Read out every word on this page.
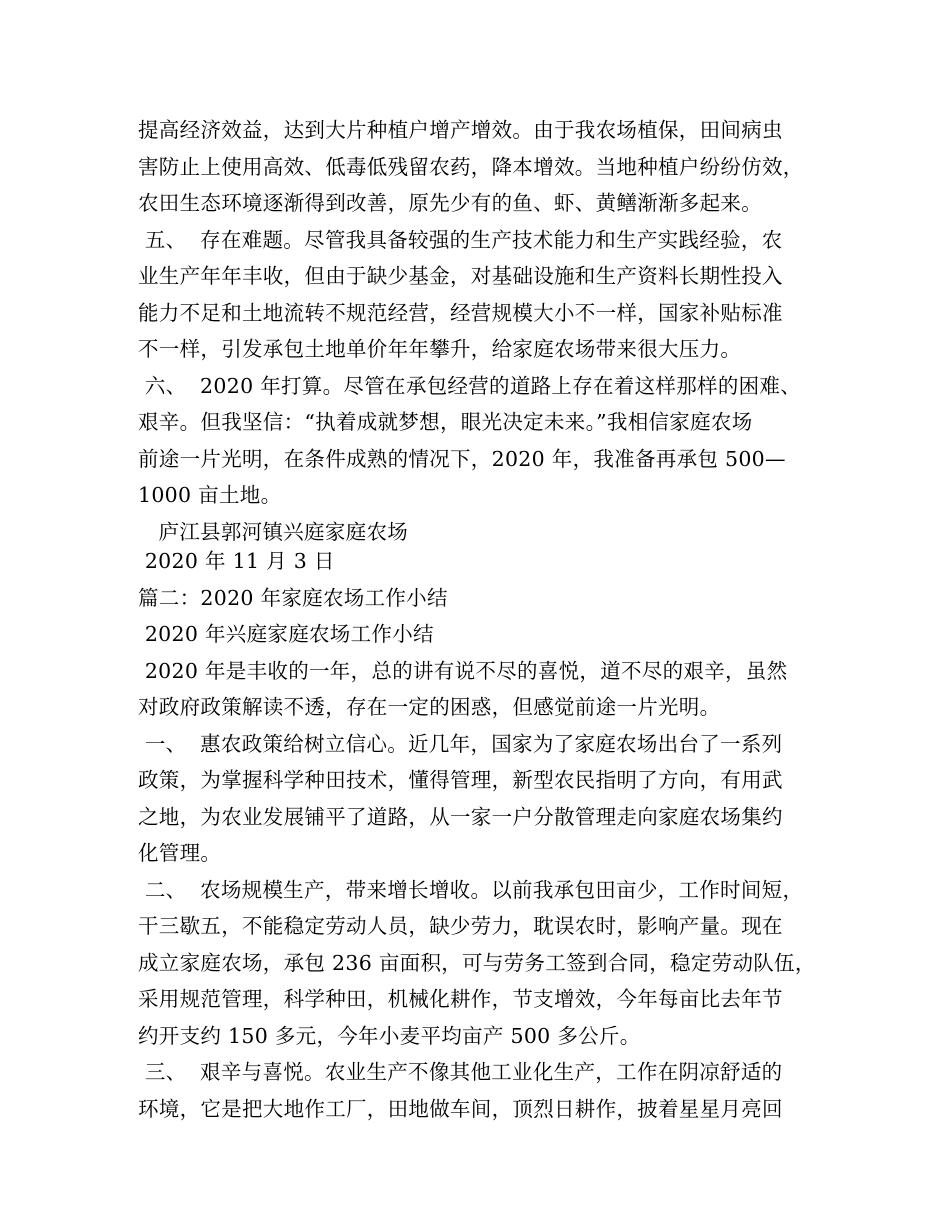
提高经济效益，达到大片种植户增产增效。由于我农场植保，田间病虫
害防止上使用高效、低毒低残留农药，降本增效。当地种植户纷纷仿效，
农田生态环境逐渐得到改善，原先少有的鱼、虾、黄鳝渐渐多起来。
五、  存在难题。尽管我具备较强的生产技术能力和生产实践经验，农
业生产年年丰收，但由于缺少基金，对基础设施和生产资料长期性投入
能力不足和土地流转不规范经营，经营规模大小不一样，国家补贴标准
不一样，引发承包土地单价年年攀升，给家庭农场带来很大压力。
六、  2020 年打算。尽管在承包经营的道路上存在着这样那样的困难、
艰辛。但我坚信：“执着成就梦想，眼光决定未来。”我相信家庭农场
前途一片光明，在条件成熟的情况下，2020 年，我准备再承包 500—
1000 亩土地。
庐江县郭河镇兴庭家庭农场
2020 年 11 月 3 日
篇二：2020 年家庭农场工作小结
2020 年兴庭家庭农场工作小结
2020 年是丰收的一年，总的讲有说不尽的喜悦，道不尽的艰辛，虽然
对政府政策解读不透，存在一定的困惑，但感觉前途一片光明。
一、  惠农政策给树立信心。近几年，国家为了家庭农场出台了一系列
政策，为掌握科学种田技术，懂得管理，新型农民指明了方向，有用武
之地，为农业发展铺平了道路，从一家一户分散管理走向家庭农场集约
化管理。
二、  农场规模生产，带来增长增收。以前我承包田亩少，工作时间短，
干三歇五，不能稳定劳动人员，缺少劳力，耽误农时，影响产量。现在
成立家庭农场，承包 236 亩面积，可与劳务工签到合同，稳定劳动队伍，
采用规范管理，科学种田，机械化耕作，节支增效，今年每亩比去年节
约开支约 150 多元，今年小麦平均亩产 500 多公斤。
三、  艰辛与喜悦。农业生产不像其他工业化生产，工作在阴凉舒适的
环境，它是把大地作工厂，田地做车间，顶烈日耕作，披着星星月亮回
